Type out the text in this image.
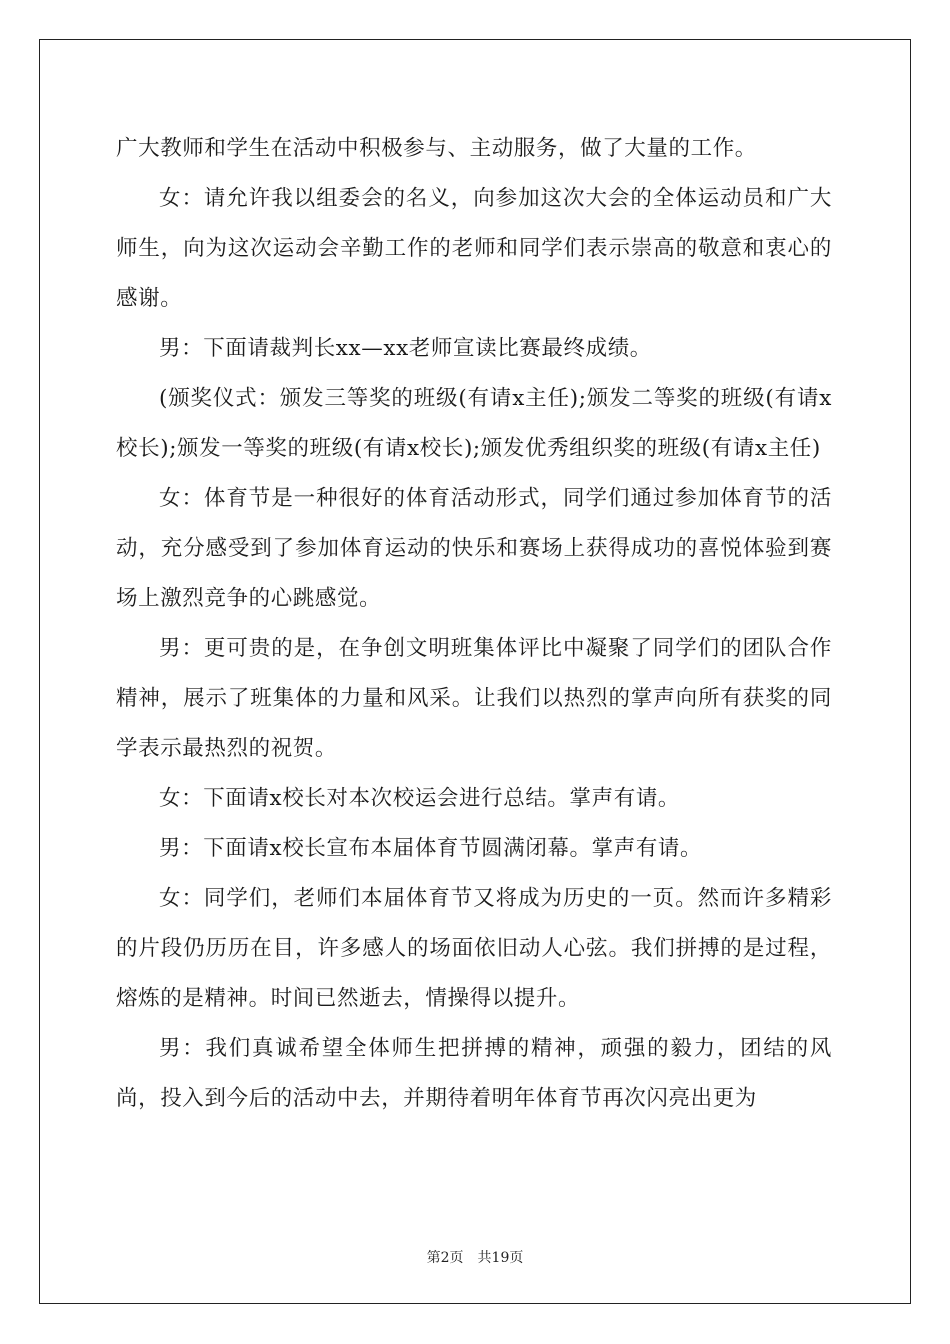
广大教师和学生在活动中积极参与、主动服务，做了大量的工作。

女：请允许我以组委会的名义，向参加这次大会的全体运动员和广大师生，向为这次运动会辛勤工作的老师和同学们表示崇高的敬意和衷心的感谢。

男：下面请裁判长xx—xx老师宣读比赛最终成绩。

(颁奖仪式：颁发三等奖的班级(有请x主任);颁发二等奖的班级(有请x校长);颁发一等奖的班级(有请x校长);颁发优秀组织奖的班级(有请x主任)

女：体育节是一种很好的体育活动形式，同学们通过参加体育节的活动，充分感受到了参加体育运动的快乐和赛场上获得成功的喜悦体验到赛场上激烈竞争的心跳感觉。

男：更可贵的是，在争创文明班集体评比中凝聚了同学们的团队合作精神，展示了班集体的力量和风采。让我们以热烈的掌声向所有获奖的同学表示最热烈的祝贺。

女：下面请x校长对本次校运会进行总结。掌声有请。

男：下面请x校长宣布本届体育节圆满闭幕。掌声有请。

女：同学们，老师们本届体育节又将成为历史的一页。然而许多精彩的片段仍历历在目，许多感人的场面依旧动人心弦。我们拼搏的是过程，熔炼的是精神。时间已然逝去，情操得以提升。

男：我们真诚希望全体师生把拼搏的精神，顽强的毅力，团结的风尚，投入到今后的活动中去，并期待着明年体育节再次闪亮出更为

第2页 共19页
